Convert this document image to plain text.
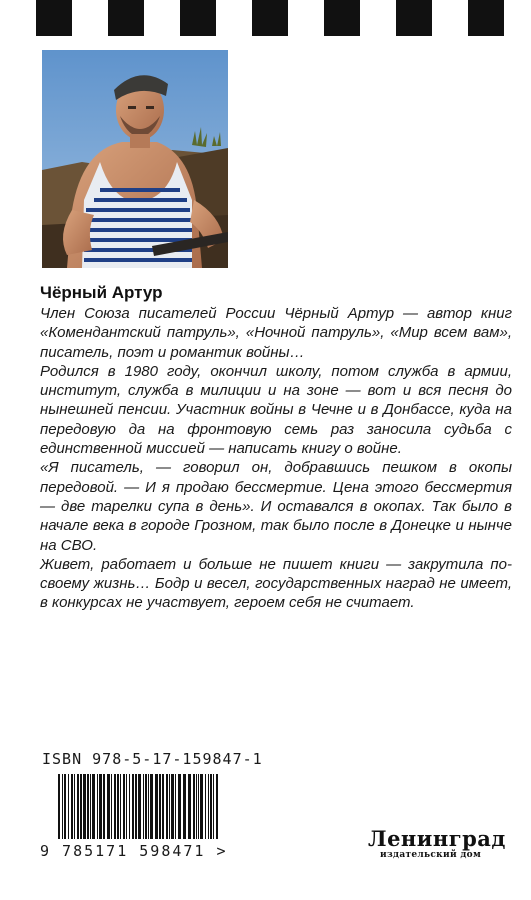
Чёрный Артур

Член Союза писателей России Чёрный Артур — автор книг «Комендантский патруль», «Ночной патруль», «Мир всем вам», писатель, поэт и романтик войны…

Родился в 1980 году, окончил школу, потом служба в армии, институт, служба в милиции и на зоне — вот и вся песня до нынешней пенсии. Участник войны в Чечне и в Донбассе, куда на передовую да на фронтовую семь раз заносила судьба с единственной миссией — написать книгу о войне.

«Я писатель, — говорил он, добравшись пешком в окопы передовой. — И я продаю бессмертие. Цена этого бессмертия — две тарелки супа в день». И оставался в окопах. Так было в начале века в городе Грозном, так было после в Донецке и нынче на СВО.

Живет, работает и больше не пишет книги — закрутила по-своему жизнь… Бодр и весел, государственных наград не имеет, в конкурсах не участвует, героем себя не считает.

ISBN 978-5-17-159847-1
9 785171 598471 >	Ленинград
издательский дом
